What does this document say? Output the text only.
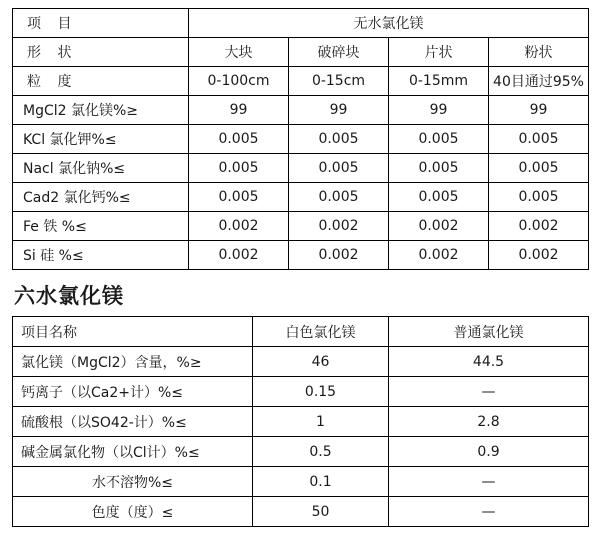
项 目	无水氯化镁			
形 状	大块	破碎块	片状	粉状
粒 度	0-100cm	0-15cm	0-15mm	40目通过95%
MgCl2 氯化镁%≥	99	99	99	99
KCl 氯化钾%≤	0.005	0.005	0.005	0.005
Nacl 氯化钠%≤	0.005	0.005	0.005	0.005
Cad2 氯化钙%≤	0.005	0.005	0.005	0.005
Fe 铁 %≤	0.002	0.002	0.002	0.002
Si 硅 %≤	0.002	0.002	0.002	0.002
六水氯化镁
项目名称	白色氯化镁	普通氯化镁
氯化镁（MgCl2）含量，%≥	46	44.5
钙离子（以Ca2+计）%≤	0.15	—
硫酸根（以SO42-计）%≤	1	2.8
碱金属氯化物（以Cl计）%≤	0.5	0.9
水不溶物%≤	0.1	—
色度（度）≤	50	—
